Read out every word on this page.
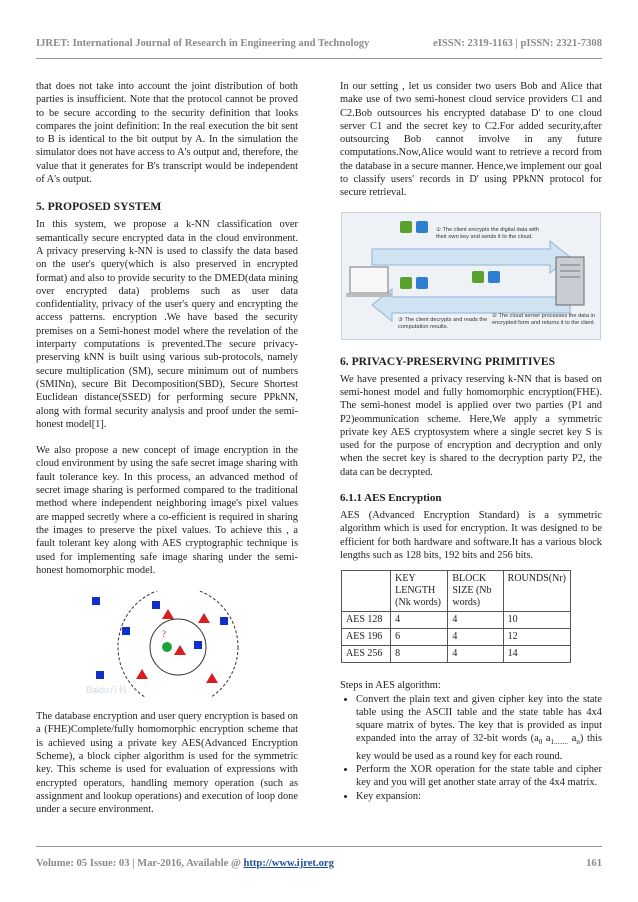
IJRET: International Journal of Research in Engineering and Technology	eISSN: 2319-1163 | pISSN: 2321-7308

that does not take into account the joint distribution of both parties is insufficient. Note that the protocol cannot be proved to be secure according to the security definition that looks compares the joint definition: In the real execution the bit sent to B is identical to the bit output by A. In the simulation the simulator does not have access to A's output and, therefore, the value that it generates for B's transcript would be independent of A's output.

5. PROPOSED SYSTEM

In this system, we propose a k-NN classification over semantically secure encrypted data in the cloud environment. A privacy preserving k-NN is used to classify the data based on the user's query(which is also preserved in encrypted format) and also to provide security to the DMED(data mining over encrypted data) problems such as user data confidentiality, privacy of the user's query and encrypting the access patterns. encryption .We have based the security premises on a Semi-honest model where the revelation of the interparty computations is prevented.The secure privacy-preserving kNN is built using various sub-protocols, namely secure multiplication (SM), secure minimum out of numbers (SMINn), secure Bit Decomposition(SBD), Secure Shortest Euclidean distance(SSED) for performing secure PPkNN, along with formal security analysis and proof under the semi-honest model[1].

We also propose a new concept of image encryption in the cloud environment by using the safe secret image sharing with fault tolerance key. In this process, an advanced method of secret image sharing is performed compared to the traditional method where independent neighboring image's pixel values are mapped secretly where a co-efficient is required in sharing the images to preserve the pixel values. To achieve this , a fault tolerant key along with AES cryptographic technique is used for implementing safe image sharing under the semi-honest homomorphic model.

?
Baidu百科

The database encryption and user query encryption is based on a (FHE)Complete/fully homomorphic encryption scheme that is achieved using a private key AES(Advanced Encryption Scheme), a block cipher algorithm is used for the symmetric key. This scheme is used for evaluation of expressions with encrypted operators, handling memory operation (such as assignment and lookup operations) and execution of loop done under a secure environment.

In our setting , let us consider two users Bob and Alice that make use of two semi-honest cloud service providers C1 and C2.Bob outsources his encrypted database D' to one cloud server C1 and the secret key to C2.For added security,after outsourcing Bob cannot involve in any future computations.Now,Alice would want to retrieve a record from the database in a secure manner. Hence,we implement our goal to classify users' records in D' using PPkNN protocol for secure retrieval.

① The client encrypts the digital data with their own key and sends it to the cloud.
② The cloud server processes the data in encrypted form and returns it to the client.
③ The client decrypts and reads the computation results.
6. PRIVACY-PRESERVING PRIMITIVES

We have presented a privacy reserving k-NN that is based on semi-honest model and fully homomorphic encryption(FHE). The semi-honest model is applied over two parties (P1 and P2)eommunication scheme. Here,We apply a symmetric private key AES cryptosystem where a single secret key S is used for the purpose of encryption and decryption and only when the secret key is shared to the decryption party P2, the data can be decrypted.

6.1.1 AES Encryption

AES (Advanced Encryption Standard) is a symmetric algorithm which is used for encryption. It was designed to be efficient for both hardware and software.It has a various block lengths such as 128 bits, 192 bits and 256 bits.

	KEY LENGTH (Nk words)	BLOCK SIZE (Nb words)	ROUNDS(Nr)
AES 128	4	4	10
AES 196	6	4	12
AES 256	8	4	14

Steps in AES algorithm:

• Convert the plain text and given cipher key into the state table using the ASCII table and the state table has 4x4 square matrix of bytes. The key that is provided as input expanded into the array of 32-bit words ($a_0$ $a_{1........}$ $a_n$) this key would be used as a round key for each round.
• Perform the XOR operation for the state table and cipher key and you will get another state array of the 4x4 matrix.
• Key expansion:
Volume: 05 Issue: 03 | Mar-2016, Available @ http://www.ijret.org	161
